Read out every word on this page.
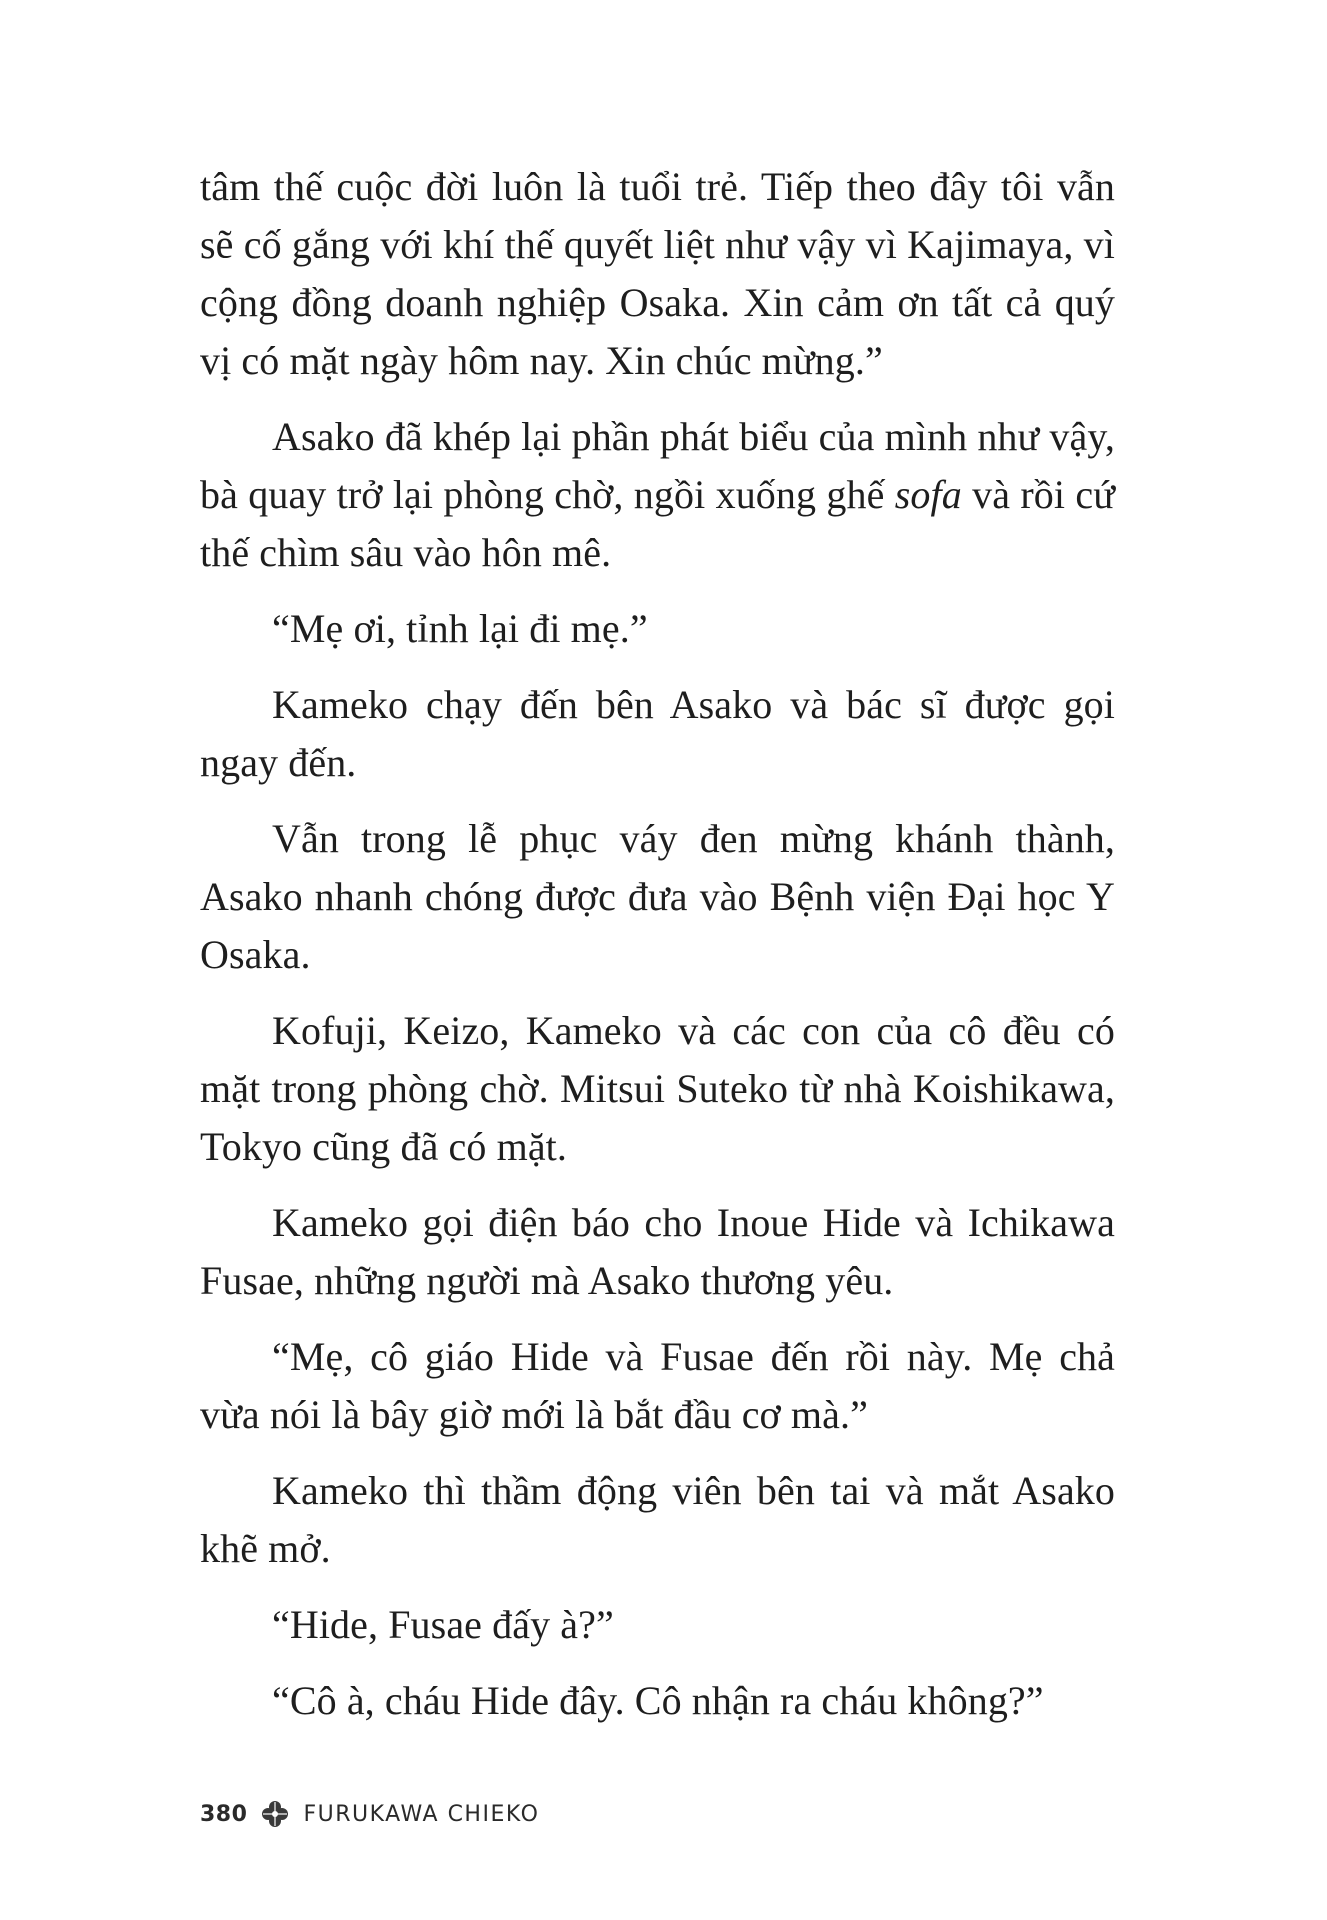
tâm thế cuộc đời luôn là tuổi trẻ. Tiếp theo đây tôi vẫn sẽ cố gắng với khí thế quyết liệt như vậy vì Kajimaya, vì cộng đồng doanh nghiệp Osaka. Xin cảm ơn tất cả quý vị có mặt ngày hôm nay. Xin chúc mừng.”

Asako đã khép lại phần phát biểu của mình như vậy, bà quay trở lại phòng chờ, ngồi xuống ghế sofa và rồi cứ thế chìm sâu vào hôn mê.

“Mẹ ơi, tỉnh lại đi mẹ.”

Kameko chạy đến bên Asako và bác sĩ được gọi ngay đến.

Vẫn trong lễ phục váy đen mừng khánh thành, Asako nhanh chóng được đưa vào Bệnh viện Đại học Y Osaka.

Kofuji, Keizo, Kameko và các con của cô đều có mặt trong phòng chờ. Mitsui Suteko từ nhà Koishikawa, Tokyo cũng đã có mặt.

Kameko gọi điện báo cho Inoue Hide và Ichikawa Fusae, những người mà Asako thương yêu.

“Mẹ, cô giáo Hide và Fusae đến rồi này. Mẹ chả vừa nói là bây giờ mới là bắt đầu cơ mà.”

Kameko thì thầm động viên bên tai và mắt Asako khẽ mở.

“Hide, Fusae đấy à?”

“Cô à, cháu Hide đây. Cô nhận ra cháu không?”

380	FURUKAWA CHIEKO
